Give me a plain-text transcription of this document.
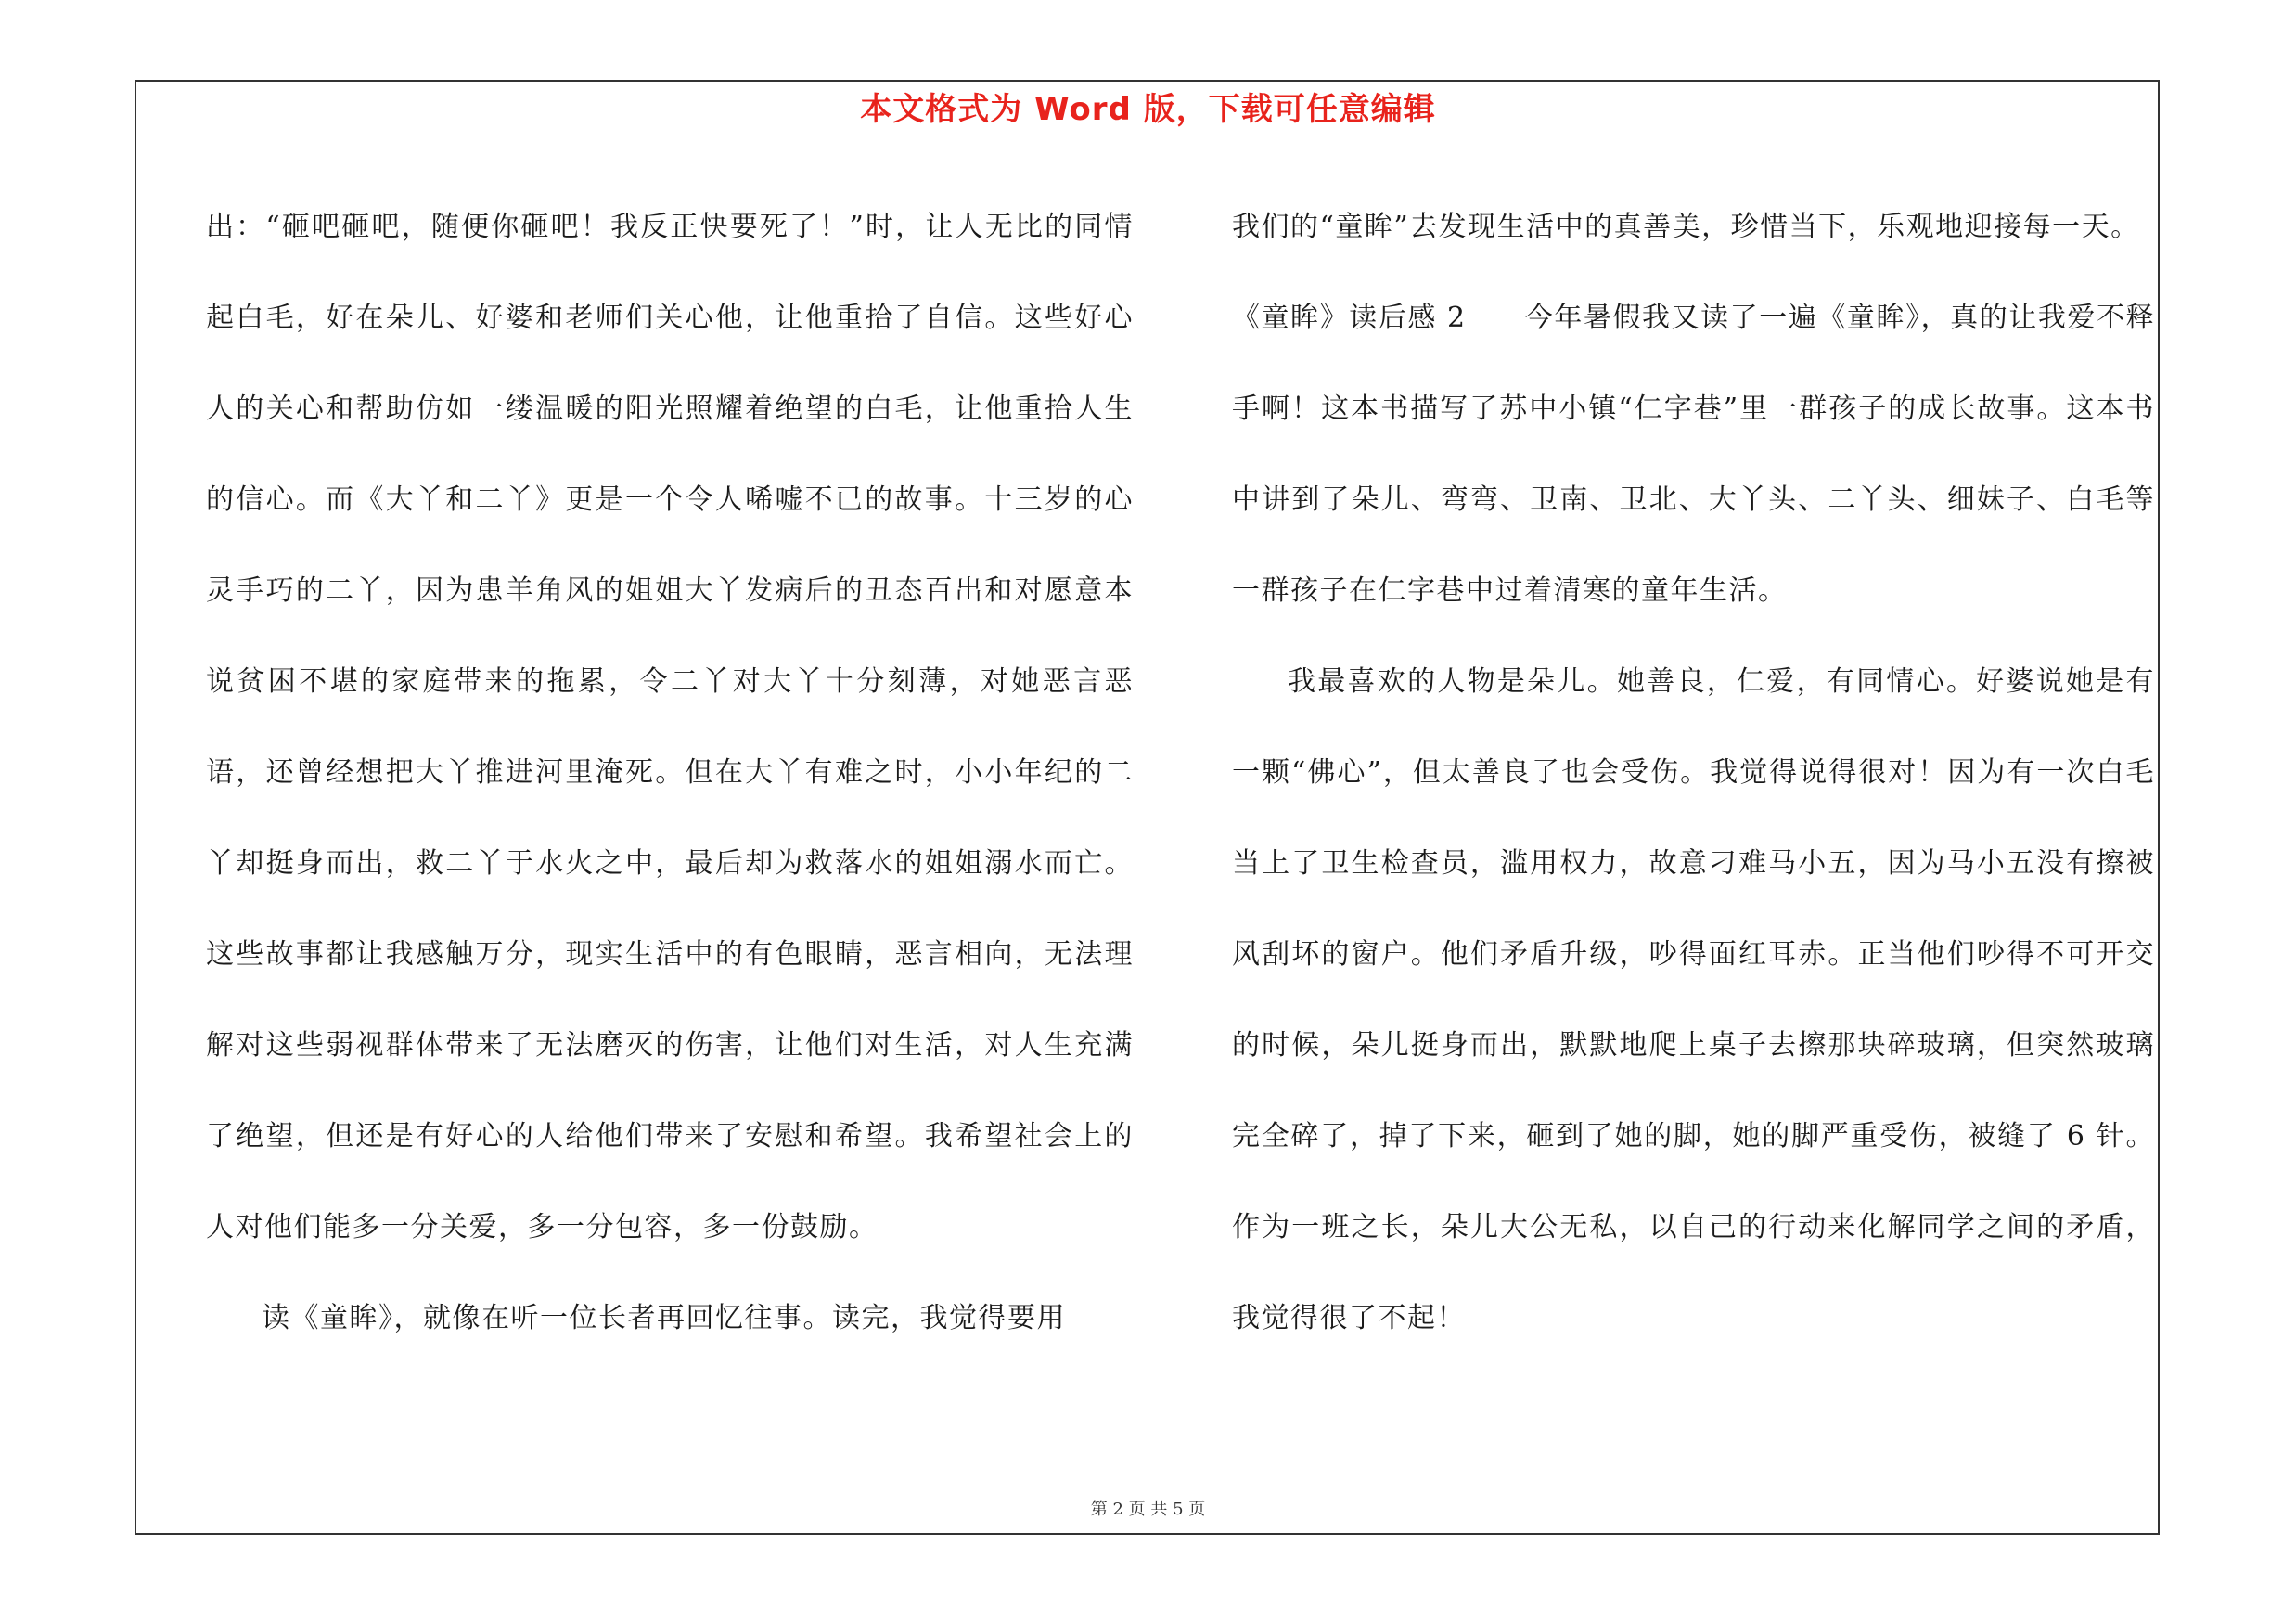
本文格式为 Word 版，下载可任意编辑

出：“砸吧砸吧，随便你砸吧！我反正快要死了！”时，让人无比的同情起白毛，好在朵儿、好婆和老师们关心他，让他重拾了自信。这些好心人的关心和帮助仿如一缕温暖的阳光照耀着绝望的白毛，让他重拾人生的信心。而《大丫和二丫》更是一个令人唏嘘不已的故事。十三岁的心灵手巧的二丫，因为患羊角风的姐姐大丫发病后的丑态百出和对愿意本说贫困不堪的家庭带来的拖累，令二丫对大丫十分刻薄，对她恶言恶语，还曾经想把大丫推进河里淹死。但在大丫有难之时，小小年纪的二丫却挺身而出，救二丫于水火之中，最后却为救落水的姐姐溺水而亡。这些故事都让我感触万分，现实生活中的有色眼睛，恶言相向，无法理解对这些弱视群体带来了无法磨灭的伤害，让他们对生活，对人生充满了绝望，但还是有好心的人给他们带来了安慰和希望。我希望社会上的人对他们能多一分关爱，多一分包容，多一份鼓励。

读《童眸》，就像在听一位长者再回忆往事。读完，我觉得要用

我们的“童眸”去发现生活中的真善美，珍惜当下，乐观地迎接每一天。

《童眸》读后感 2　　今年暑假我又读了一遍《童眸》，真的让我爱不释手啊！这本书描写了苏中小镇“仁字巷”里一群孩子的成长故事。这本书中讲到了朵儿、弯弯、卫南、卫北、大丫头、二丫头、细妹子、白毛等一群孩子在仁字巷中过着清寒的童年生活。

我最喜欢的人物是朵儿。她善良，仁爱，有同情心。好婆说她是有一颗“佛心”，但太善良了也会受伤。我觉得说得很对！因为有一次白毛当上了卫生检查员，滥用权力，故意刁难马小五，因为马小五没有擦被风刮坏的窗户。他们矛盾升级，吵得面红耳赤。正当他们吵得不可开交的时候，朵儿挺身而出，默默地爬上桌子去擦那块碎玻璃，但突然玻璃完全碎了，掉了下来，砸到了她的脚，她的脚严重受伤，被缝了 6 针。作为一班之长，朵儿大公无私，以自己的行动来化解同学之间的矛盾，我觉得很了不起！

第 2 页 共 5 页
